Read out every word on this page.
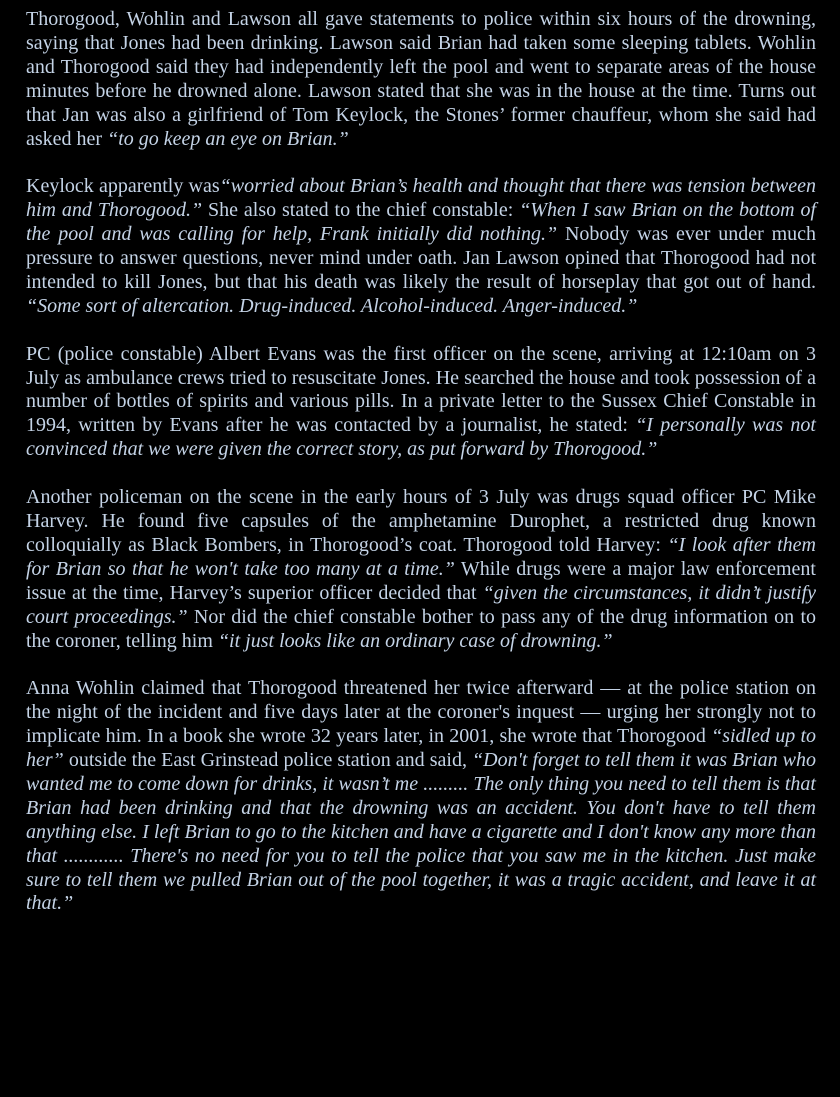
Thorogood, Wohlin and Lawson all gave statements to police within six hours of the drowning, saying that Jones had been drinking. Lawson said Brian had taken some sleeping tablets. Wohlin and Thorogood said they had independently left the pool and went to separate areas of the house minutes before he drowned alone. Lawson stated that she was in the house at the time. Turns out that Jan was also a girlfriend of Tom Keylock, the Stones’ former chauffeur, whom she said had asked her “to go keep an eye on Brian.”

Keylock apparently was“worried about Brian’s health and thought that there was tension between him and Thorogood.” She also stated to the chief constable: “When I saw Brian on the bottom of the pool and was calling for help, Frank initially did nothing.” Nobody was ever under much pressure to answer questions, never mind under oath. Jan Lawson opined that Thorogood had not intended to kill Jones, but that his death was likely the result of horseplay that got out of hand. “Some sort of altercation. Drug-induced. Alcohol-induced. Anger-induced.”

PC (police constable) Albert Evans was the first officer on the scene, arriving at 12:10am on 3 July as ambulance crews tried to resuscitate Jones. He searched the house and took possession of a number of bottles of spirits and various pills. In a private letter to the Sussex Chief Constable in 1994, written by Evans after he was contacted by a journalist, he stated: “I personally was not convinced that we were given the correct story, as put forward by Thorogood.”

Another policeman on the scene in the early hours of 3 July was drugs squad officer PC Mike Harvey. He found five capsules of the amphetamine Durophet, a restricted drug known colloquially as Black Bombers, in Thorogood’s coat. Thorogood told Harvey: “I look after them for Brian so that he won't take too many at a time.” While drugs were a major law enforcement issue at the time, Harvey’s superior officer decided that “given the circumstances, it didn’t justify court proceedings.” Nor did the chief constable bother to pass any of the drug information on to the coroner, telling him “it just looks like an ordinary case of drowning.”

Anna Wohlin claimed that Thorogood threatened her twice afterward — at the police station on the night of the incident and five days later at the coroner's inquest — urging her strongly not to implicate him. In a book she wrote 32 years later, in 2001, she wrote that Thorogood “sidled up to her” outside the East Grinstead police station and said, “Don't forget to tell them it was Brian who wanted me to come down for drinks, it wasn’t me ......... The only thing you need to tell them is that Brian had been drinking and that the drowning was an accident. You don't have to tell them anything else. I left Brian to go to the kitchen and have a cigarette and I don't know any more than that ............ There's no need for you to tell the police that you saw me in the kitchen. Just make sure to tell them we pulled Brian out of the pool together, it was a tragic accident, and leave it at that.”
